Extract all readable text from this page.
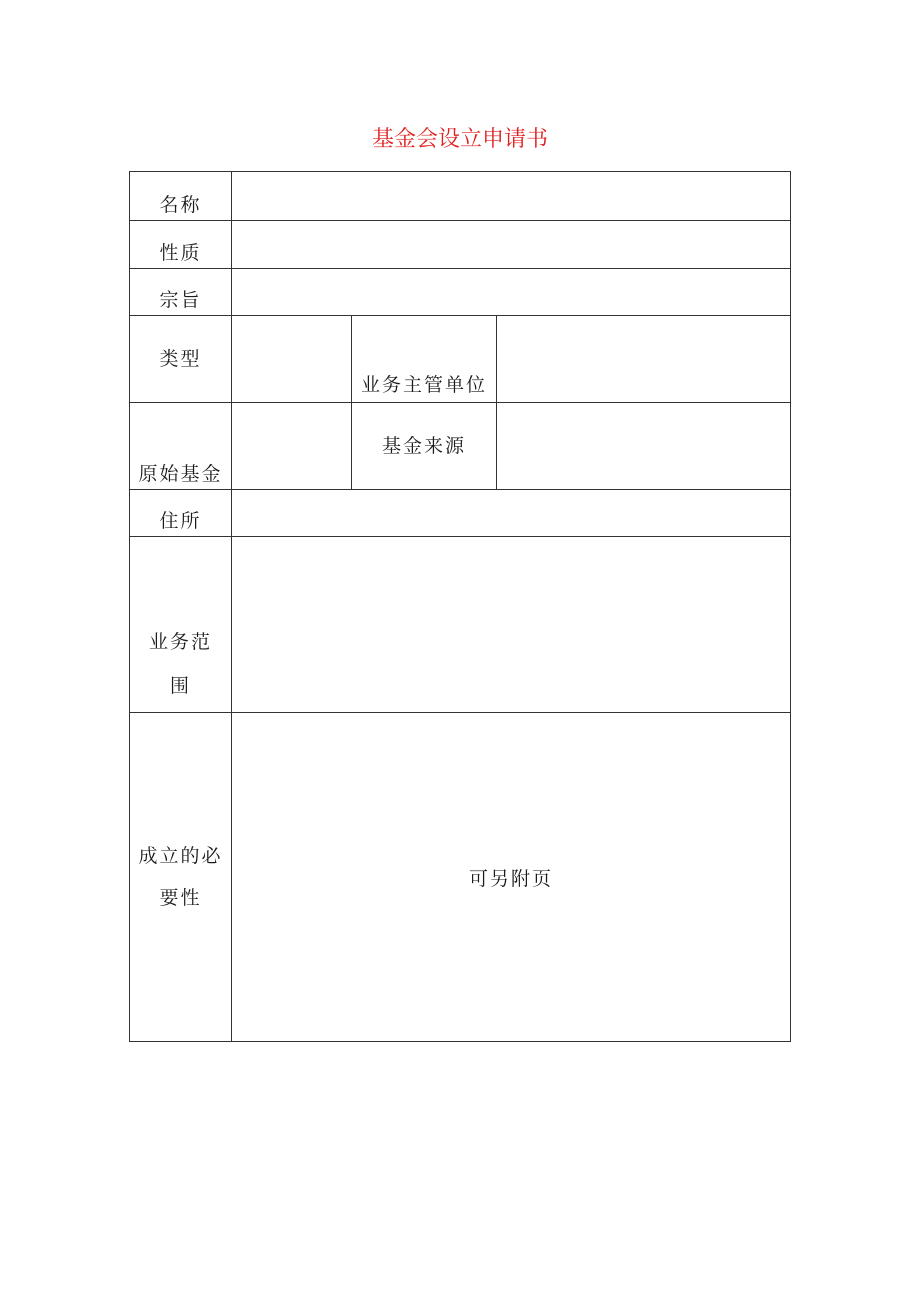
基金会设立申请书
名称			
性质			
宗旨			
类型		业务主管单位	
原始基金		基金来源	
住所			

业务范
围			

成立的必
要性	可另附页		
